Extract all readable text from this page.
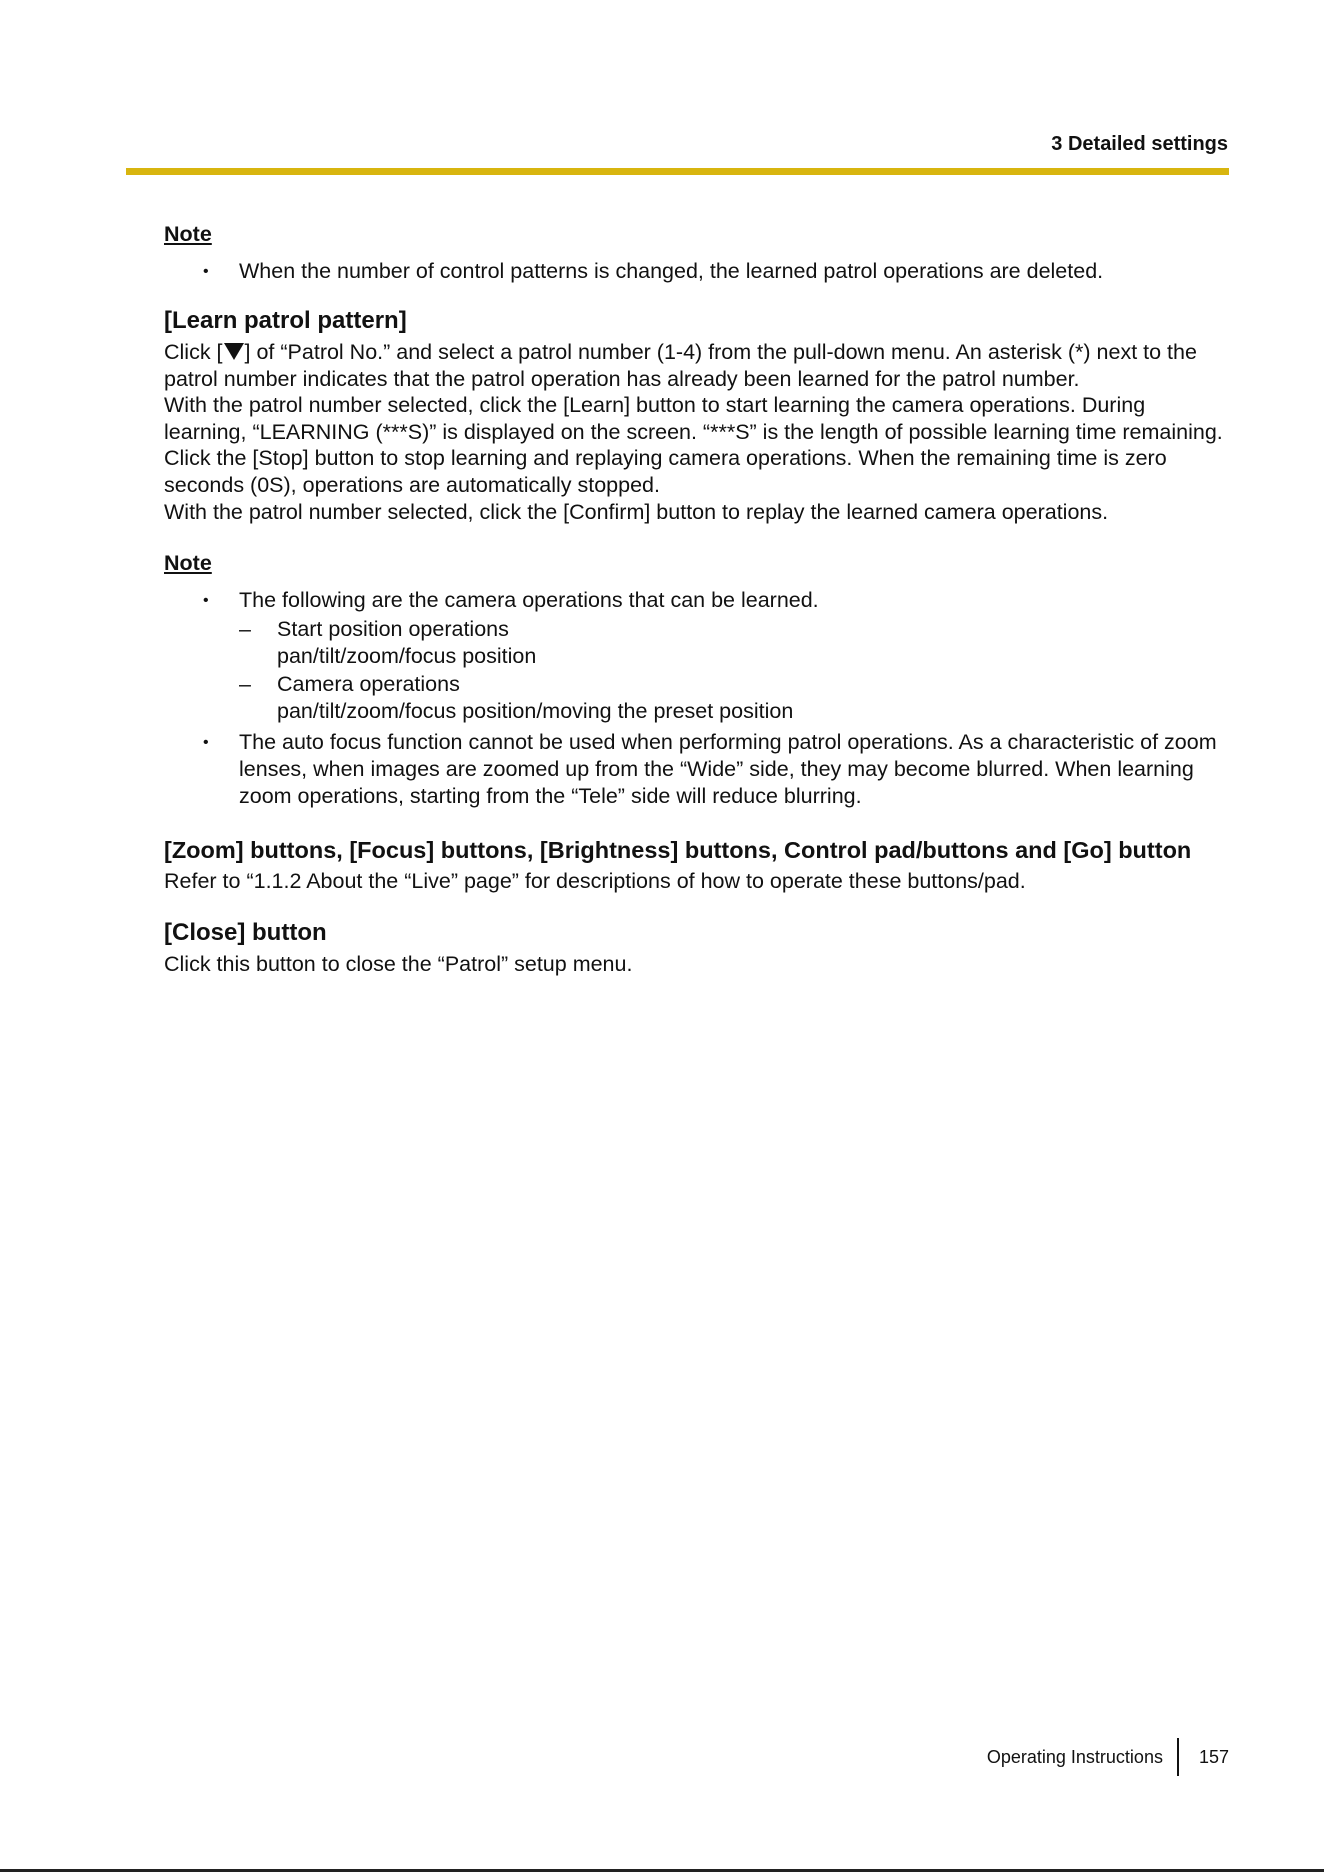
3 Detailed settings
Note
• When the number of control patterns is changed, the learned patrol operations are deleted.
[Learn patrol pattern]

Click [ ] of “Patrol No.” and select a patrol number (1-4) from the pull-down menu. An asterisk (*) next to the patrol number indicates that the patrol operation has already been learned for the patrol number.

With the patrol number selected, click the [Learn] button to start learning the camera operations. During learning, “LEARNING (***S)” is displayed on the screen. “***S” is the length of possible learning time remaining. Click the [Stop] button to stop learning and replaying camera operations. When the remaining time is zero seconds (0S), operations are automatically stopped.

With the patrol number selected, click the [Confirm] button to replay the learned camera operations.

Note
• The following are the camera operations that can be learned.
– Start position operations
pan/tilt/zoom/focus position
– Camera operations
pan/tilt/zoom/focus position/moving the preset position
• The auto focus function cannot be used when performing patrol operations. As a characteristic of zoom lenses, when images are zoomed up from the “Wide” side, they may become blurred. When learning zoom operations, starting from the “Tele” side will reduce blurring.
[Zoom] buttons, [Focus] buttons, [Brightness] buttons, Control pad/buttons and [Go] button

Refer to “1.1.2 About the “Live” page” for descriptions of how to operate these buttons/pad.

[Close] button

Click this button to close the “Patrol” setup menu.

Operating Instructions 157
